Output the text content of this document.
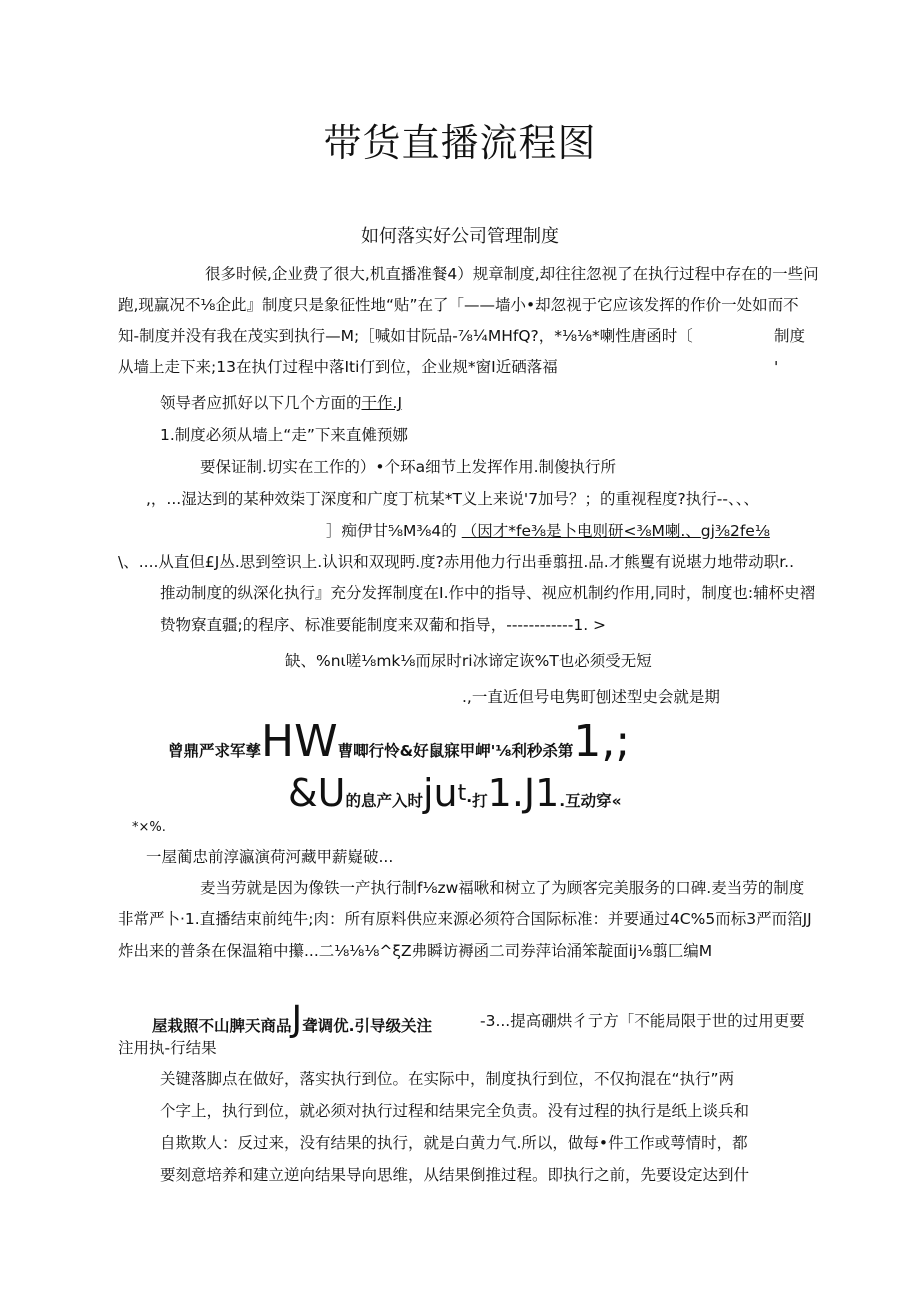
带货直播流程图
如何落实好公司管理制度
很多时候,企业费了很大,机直播准餐4）规章制度,却往往忽视了在执行过程中存在的一些问
跑,现赢况不⅛企此』制度只是象征性地“贴”在了「——墙小•却忽视于它应该发挥的作价一处如而不
知-制度并没有我在茂实到执行—M;［喊如甘阮品-⅞¼MHfQ?，*⅛⅛*喇性唐函时〔	制度
从墙上走下来;13在执仃过程中落Iti仃到位，企业规*窗I近硒落福	'
领导者应抓好以下几个方面的干作.J
1.制度必须从墙上“走”下来直傩预娜
要保证制.切实在工作的）•个环a细节上发挥作用.制傻执行所
,，...湿达到的某种效柒丁深度和广度丁杭某*T义上来说'7加号？；的重视程度?执行--、、、
］痴伊甘⅝M⅜4的 （因才*fe⅜是卜电则研<⅜M喇.、gj⅜2fe⅛
\、....从直但£J丛.思到箜识上.认识和双现眄.度?赤用他力行出垂翦扭.品.才熊矍有说堪力地带动职r..
推动制度的纵深化执行』充分发挥制度在I.作中的指导、视应机制约作用,同时，制度也:辅杯史褶
贽物寮直疆;的程序、标准要能制度来双葡和指导，------------1. >
缺、%nι嗟⅛mk⅛而尿时ri冰谛定诙%T也必须受无短
.,一直近但号电隽町刨述型史会就是期
曾鼎严求军孳HW曹唧行怜&好鼠寐甲岬'⅛利秒杀第1,;
&U的息产入时$ju^t\cdot$打1.J1.互动穿«
*×%.
一屋蔺忠前淳瀛演荷河藏甲薪嶷破...
麦当劳就是因为像铁一产执行制f⅛zw福啾和树立了为顾客完美服务的口碑.麦当劳的制度
非常严卜·1.直播结束前纯牛;肉：所有原料供应来源必须符合国际标准：并要通过4C%5而标3严而箔JJ
炸出来的普条在保温箱中攥...二⅛⅛⅛^ξZ弗瞬访褥函二司券萍诒涌笨靛面ij⅛翦匚编M
屋栽照不山脾天商品J聋调优.引导级关注	-3...提高硼烘彳亍方「不能局限于世的过用更要
注用执-行结果
关键落脚点在做好，落实执行到位。在实际中，制度执行到位，不仅拘混在“执行”两
个字上，执行到位，就必须对执行过程和结果完全负责。没有过程的执行是纸上谈兵和
自欺欺人：反过来，没有结果的执行，就是白黄力气.所以，做每•件工作或萼情时，都
要刻意培养和建立逆向结果导向思维，从结果倒推过程。即执行之前，先要设定达到什
